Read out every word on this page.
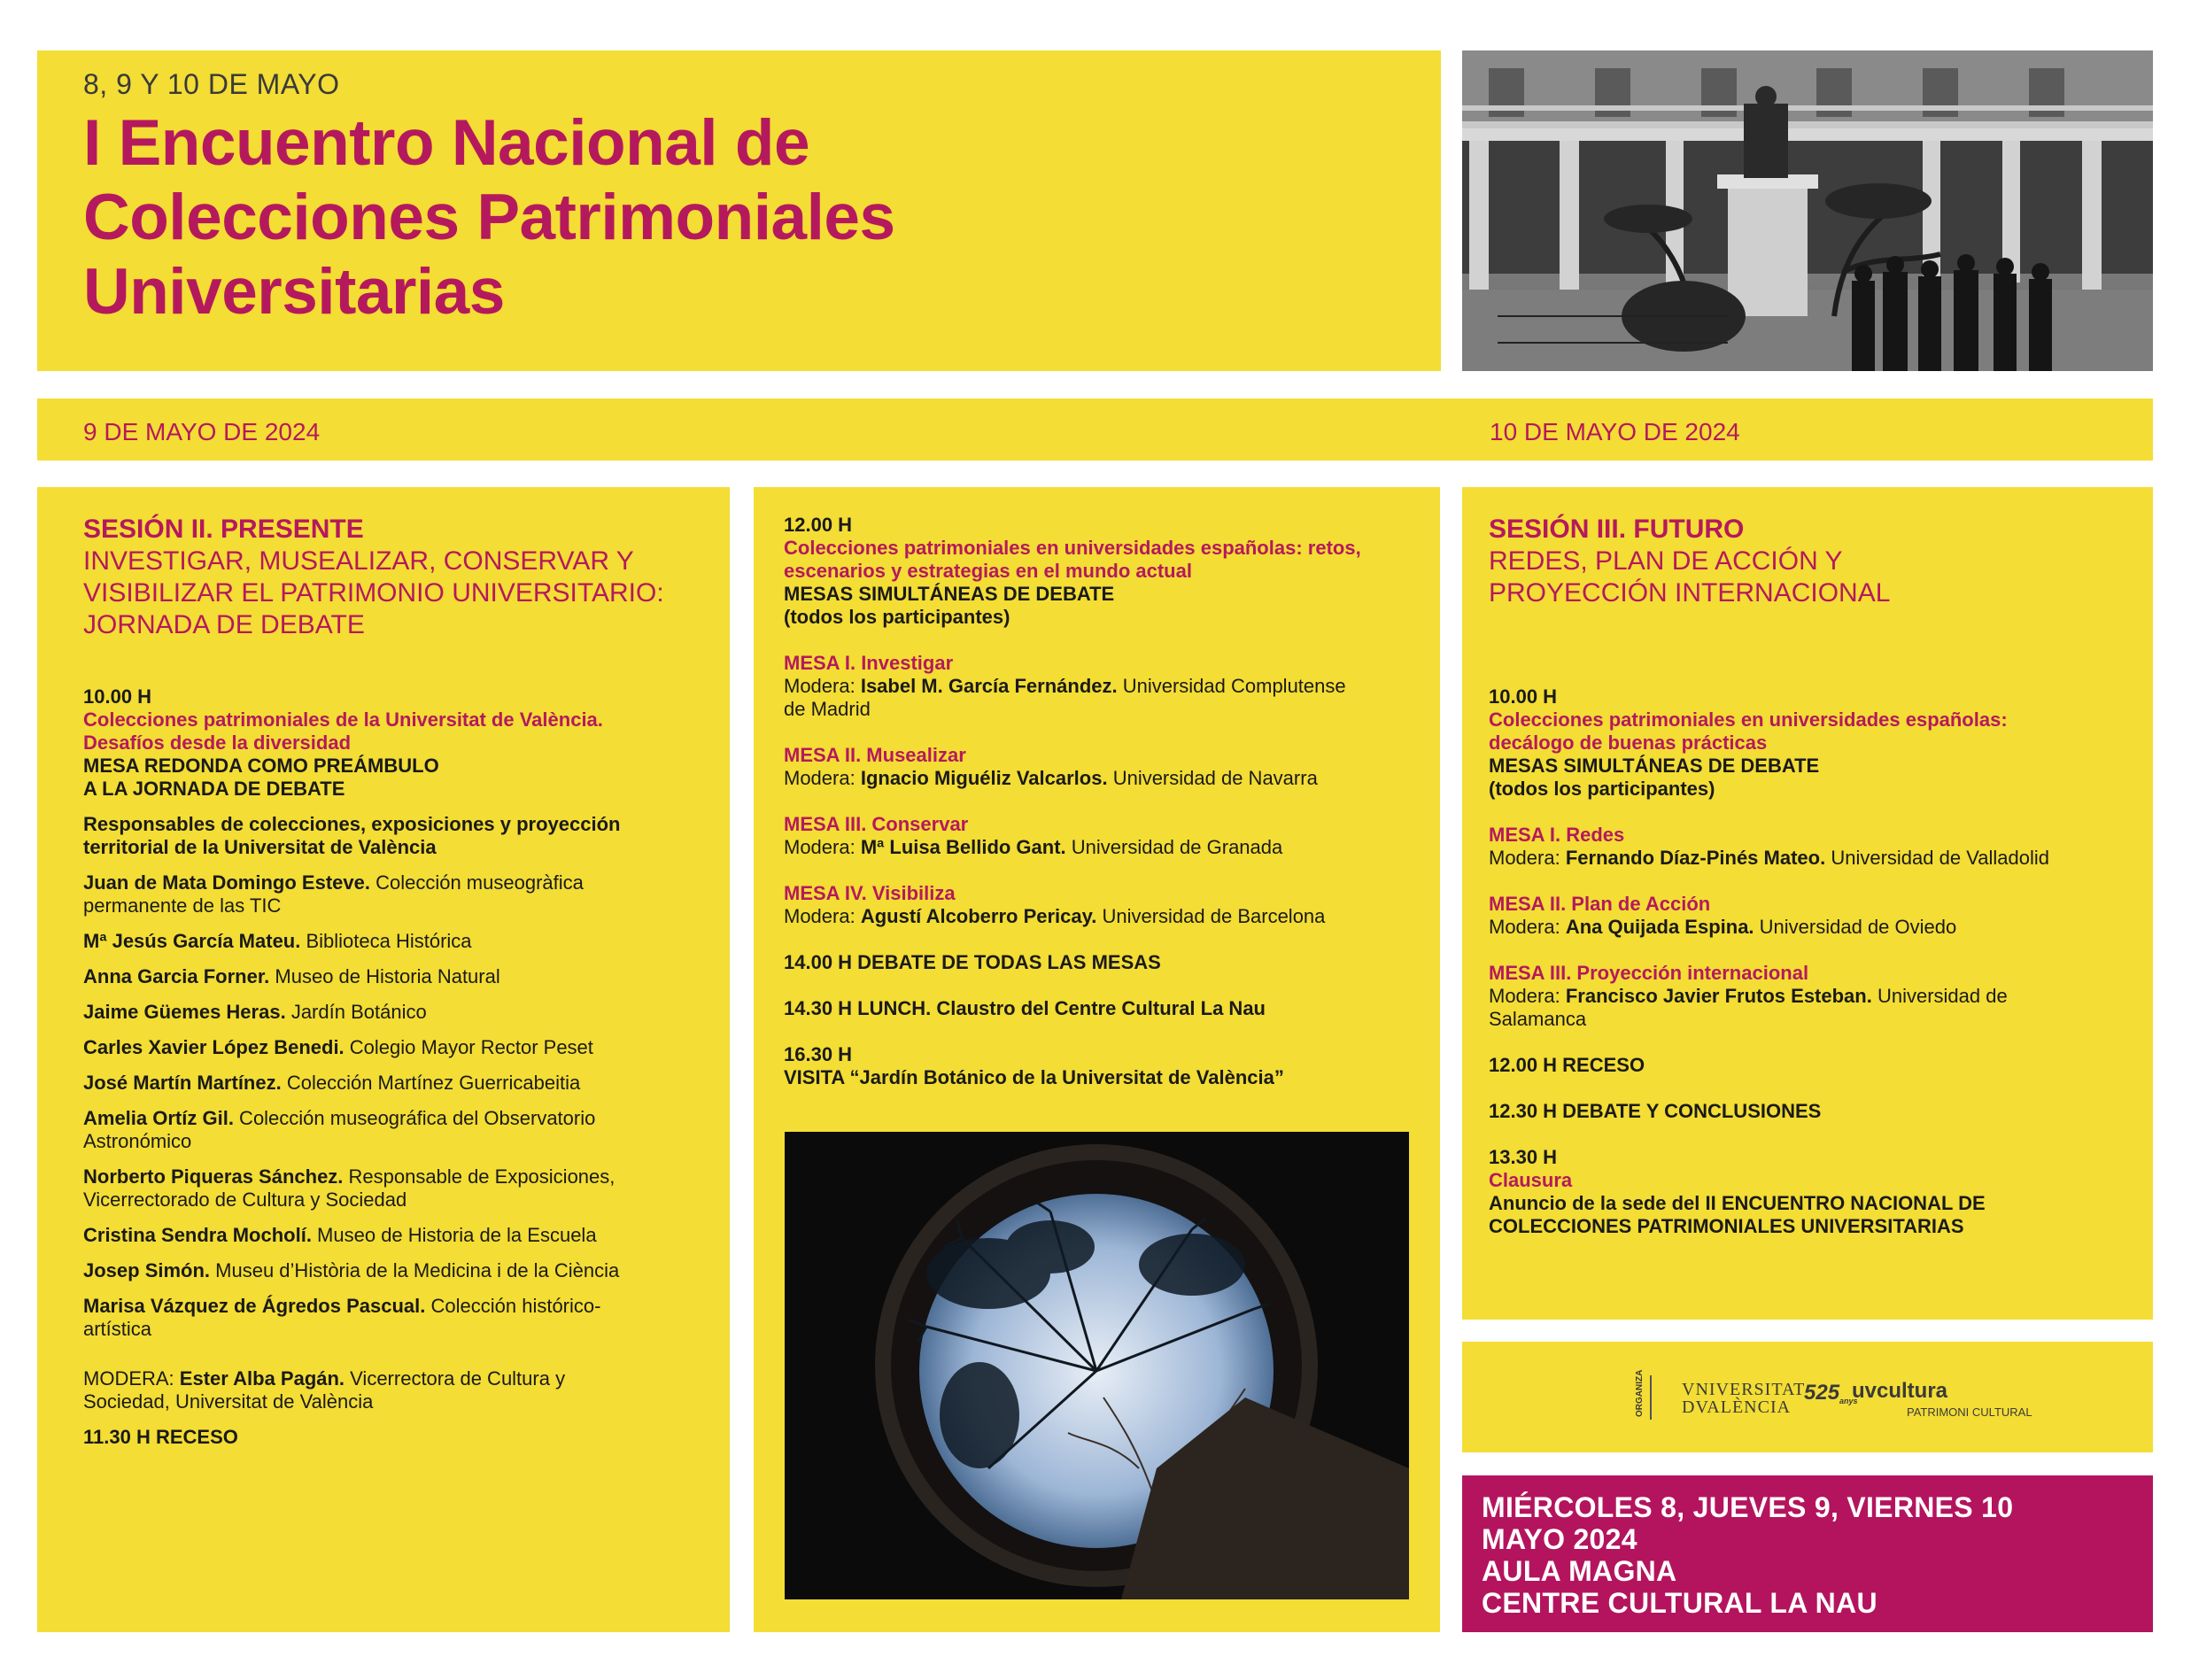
8, 9 Y 10 DE MAYO
I Encuentro Nacional de
Colecciones Patrimoniales
Universitarias
9 DE MAYO DE 2024	10 DE MAYO DE 2024
SESIÓN II. PRESENTE
INVESTIGAR, MUSEALIZAR, CONSERVAR Y
VISIBILIZAR EL PATRIMONIO UNIVERSITARIO:
JORNADA DE DEBATE
10.00 H
Colecciones patrimoniales de la Universitat de València.
Desafíos desde la diversidad
MESA REDONDA COMO PREÁMBULO
A LA JORNADA DE DEBATE
Responsables de colecciones, exposiciones y proyección
territorial de la Universitat de València
Juan de Mata Domingo Esteve. Colección museogràfica
permanente de las TIC
Mª Jesús García Mateu. Biblioteca Histórica
Anna Garcia Forner. Museo de Historia Natural
Jaime Güemes Heras. Jardín Botánico
Carles Xavier López Benedi. Colegio Mayor Rector Peset
José Martín Martínez. Colección Martínez Guerricabeitia
Amelia Ortíz Gil. Colección museográfica del Observatorio
Astronómico
Norberto Piqueras Sánchez. Responsable de Exposiciones,
Vicerrectorado de Cultura y Sociedad
Cristina Sendra Mocholí. Museo de Historia de la Escuela
Josep Simón. Museu d’Història de la Medicina i de la Ciència
Marisa Vázquez de Ágredos Pascual. Colección histórico-
artística
MODERA: Ester Alba Pagán. Vicerrectora de Cultura y
Sociedad, Universitat de València
11.30 H RECESO
12.00 H
Colecciones patrimoniales en universidades españolas: retos,
escenarios y estrategias en el mundo actual
MESAS SIMULTÁNEAS DE DEBATE
(todos los participantes)
MESA I. Investigar
Modera: Isabel M. García Fernández. Universidad Complutense
de Madrid
MESA II. Musealizar
Modera: Ignacio Miguéliz Valcarlos. Universidad de Navarra
MESA III. Conservar
Modera: Mª Luisa Bellido Gant. Universidad de Granada
MESA IV. Visibiliza
Modera: Agustí Alcoberro Pericay. Universidad de Barcelona
14.00 H DEBATE DE TODAS LAS MESAS
14.30 H LUNCH. Claustro del Centre Cultural La Nau
16.30 H
VISITA “Jardín Botánico de la Universitat de València”
SESIÓN III. FUTURO
REDES, PLAN DE ACCIÓN Y
PROYECCIÓN INTERNACIONAL
10.00 H
Colecciones patrimoniales en universidades españolas:
decálogo de buenas prácticas
MESAS SIMULTÁNEAS DE DEBATE
(todos los participantes)
MESA I. Redes
Modera: Fernando Díaz-Pinés Mateo. Universidad de Valladolid
MESA II. Plan de Acción
Modera: Ana Quijada Espina. Universidad de Oviedo
MESA III. Proyección internacional
Modera: Francisco Javier Frutos Esteban. Universidad de
Salamanca
12.00 H RECESO
12.30 H DEBATE Y CONCLUSIONES
13.30 H
Clausura
Anuncio de la sede del II ENCUENTRO NACIONAL DE
COLECCIONES PATRIMONIALES UNIVERSITARIAS
ORGANIZA VNIVERSITAT
DVALÈNCIA
525anys
uvcultura
PATRIMONI CULTURAL
MIÉRCOLES 8, JUEVES 9, VIERNES 10
MAYO 2024
AULA MAGNA
CENTRE CULTURAL LA NAU
